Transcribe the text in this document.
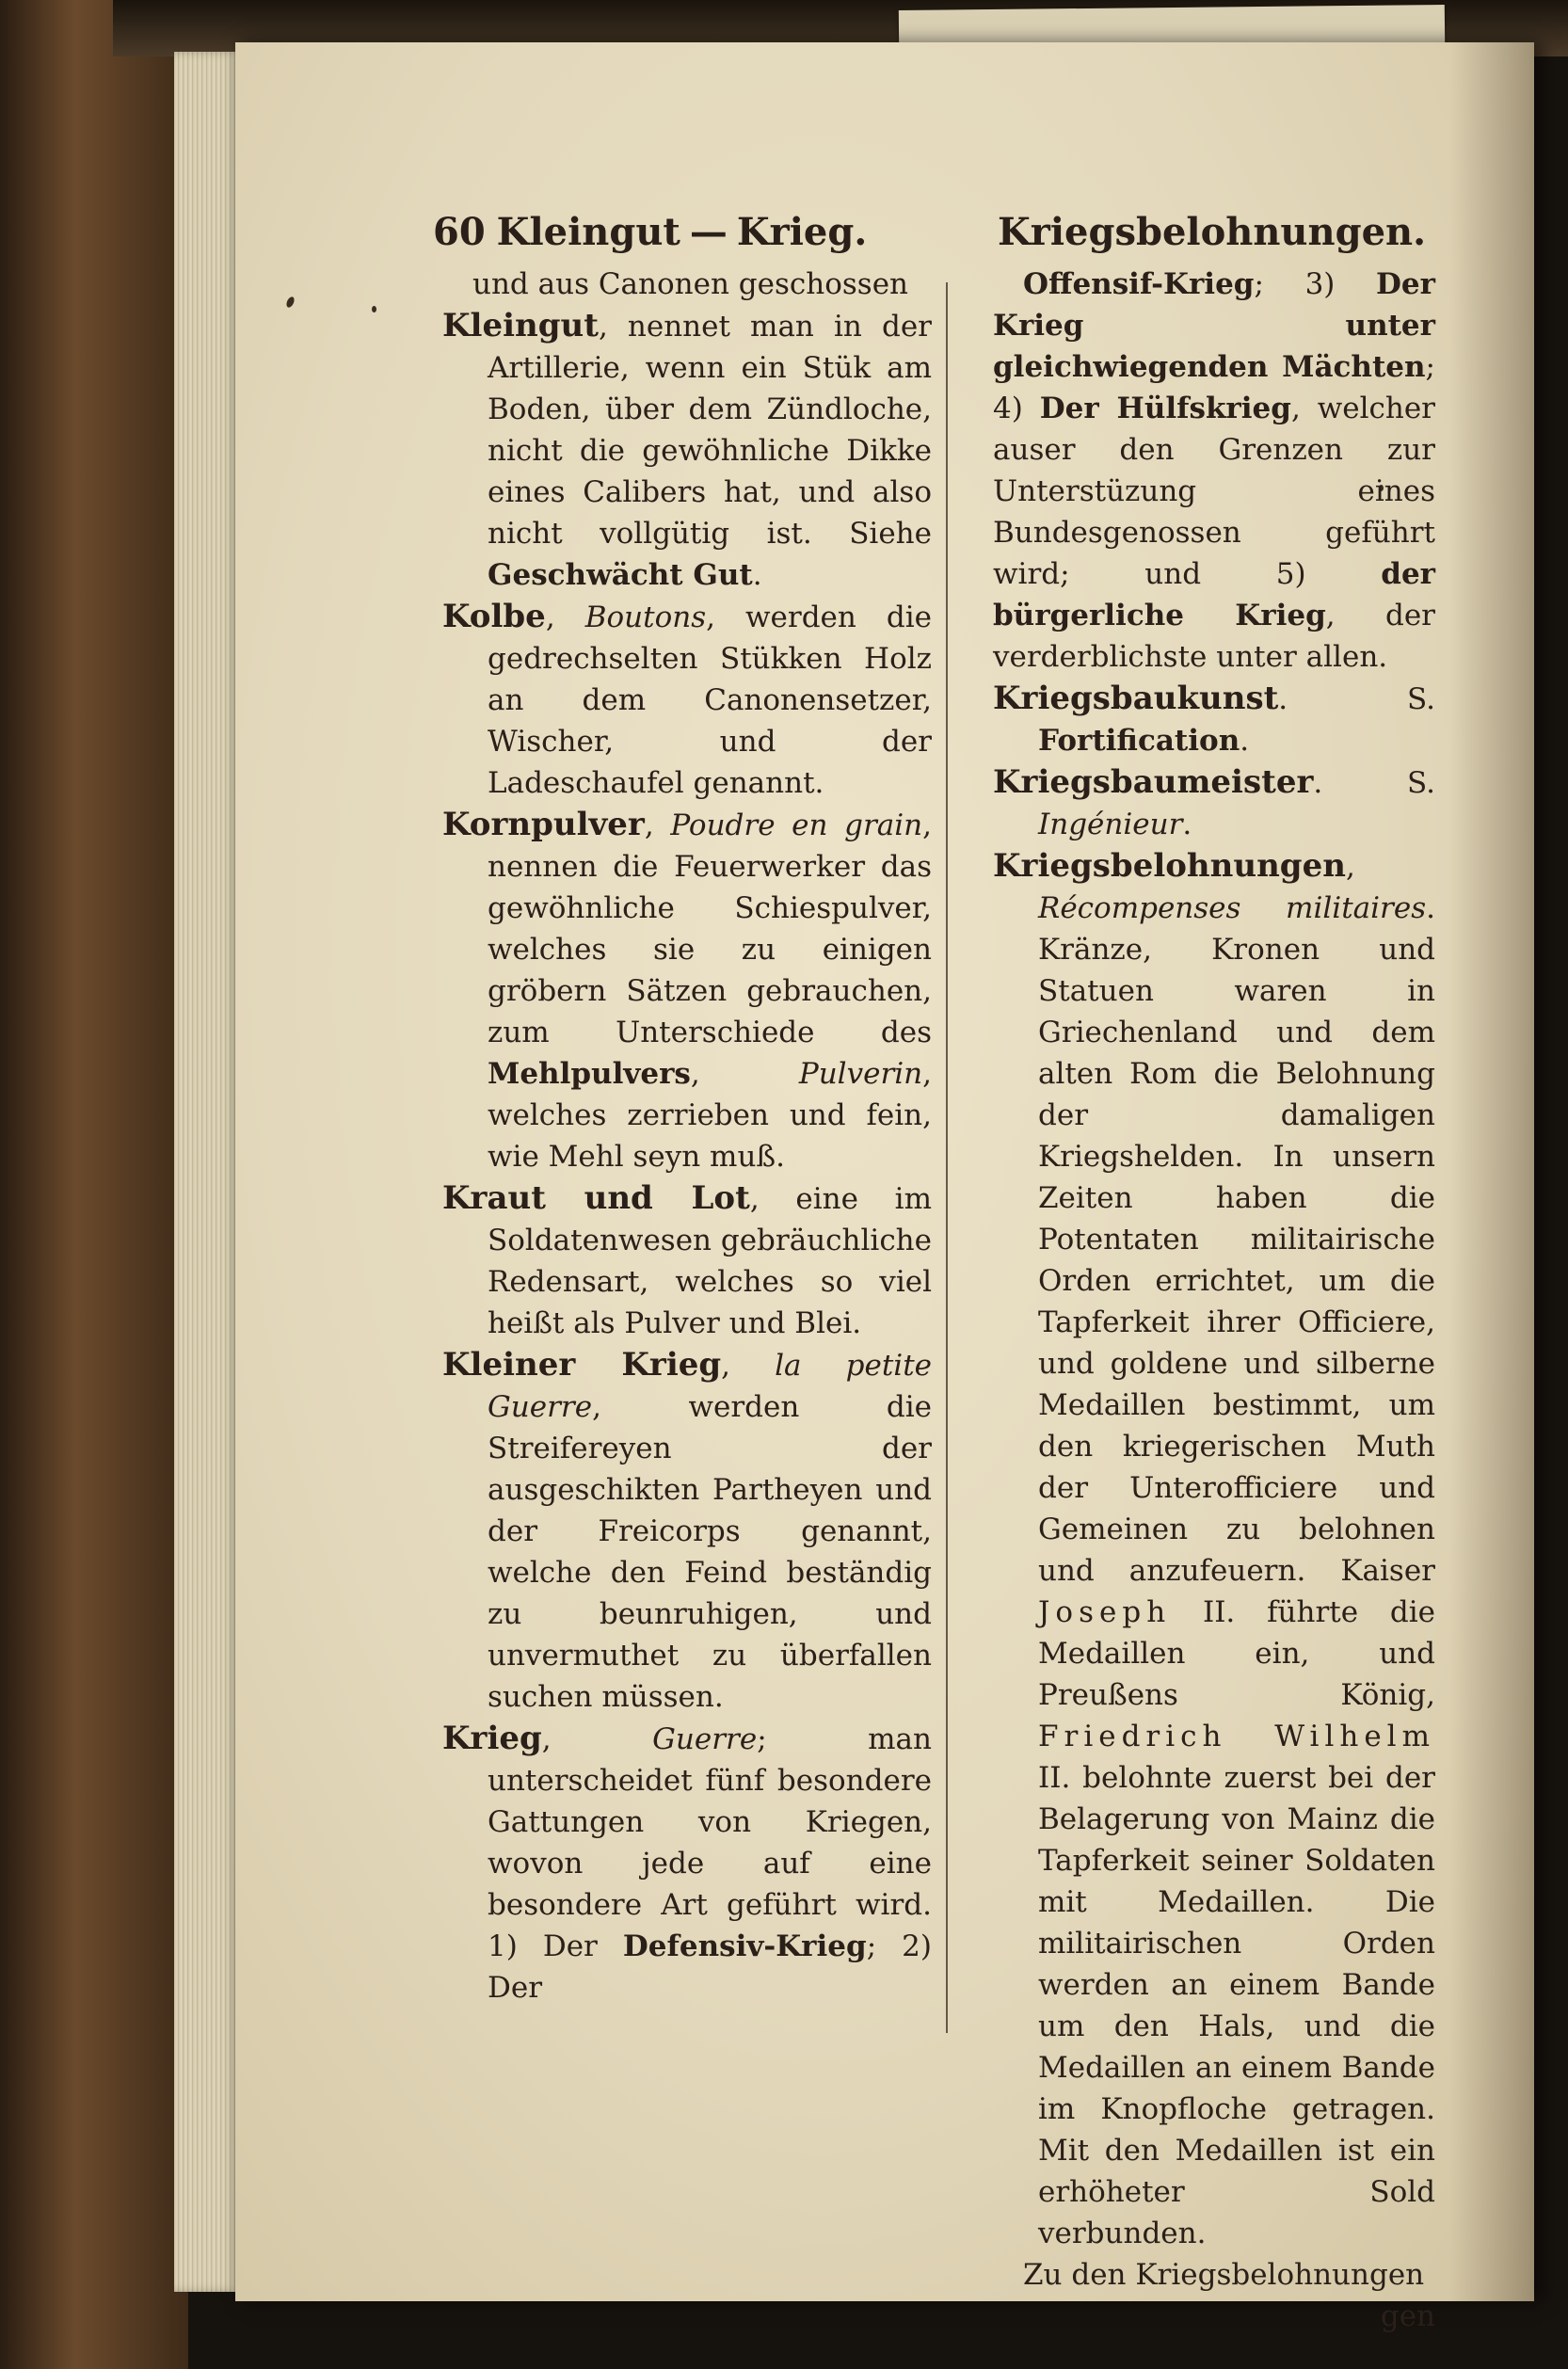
60 Kleingut — Krieg.

und aus Canonen geschossen

Kleingut, nennet man in der Artillerie, wenn ein Stük am Boden, über dem Zündloche, nicht die gewöhnliche Dikke eines Calibers hat, und also nicht vollgütig ist. Siehe Geschwächt Gut.

Kolbe, Boutons, werden die gedrechselten Stükken Holz an dem Canonensetzer, Wischer, und der Ladeschaufel genannt.

Kornpulver, Poudre en grain, nennen die Feuerwerker das gewöhnliche Schiespulver, welches sie zu einigen gröbern Sätzen gebrauchen, zum Unterschiede des Mehlpulvers, Pulverin, welches zerrieben und fein, wie Mehl seyn muß.

Kraut und Lot, eine im Soldatenwesen gebräuchliche Redensart, welches so viel heißt als Pulver und Blei.

Kleiner Krieg, la petite Guerre, werden die Streifereyen der ausgeschikten Partheyen und der Freicorps genannt, welche den Feind beständig zu beunruhigen, und unvermuthet zu überfallen suchen müssen.

Krieg, Guerre; man unterscheidet fünf besondere Gattungen von Kriegen, wovon jede auf eine besondere Art geführt wird. 1) Der Defensiv-Krieg; 2) Der

Kriegsbelohnungen.

Offensif-Krieg; 3) Der Krieg unter gleichwiegenden Mächten; 4) Der Hülfskrieg, welcher auser den Grenzen zur Unterstüzung eines Bundesgenossen geführt wird; und 5) der bürgerliche Krieg, der verderblichste unter allen.

Kriegsbaukunst. S. Fortification.

Kriegsbaumeister. S. Ingénieur.

Kriegsbelohnungen, Récompenses militaires. Kränze, Kronen und Statuen waren in Griechenland und dem alten Rom die Belohnung der damaligen Kriegshelden. In unsern Zeiten haben die Potentaten militairische Orden errichtet, um die Tapferkeit ihrer Officiere, und goldene und silberne Medaillen bestimmt, um den kriegerischen Muth der Unterofficiere und Gemeinen zu belohnen und anzufeuern. Kaiser Joseph II. führte die Medaillen ein, und Preußens König, Friedrich Wilhelm II. belohnte zuerst bei der Belagerung von Mainz die Tapferkeit seiner Soldaten mit Medaillen. Die militairischen Orden werden an einem Bande um den Hals, und die Medaillen an einem Bande im Knopfloche getragen. Mit den Medaillen ist ein erhöheter Sold verbunden.

Zu den Kriegsbelohnungen

gen
